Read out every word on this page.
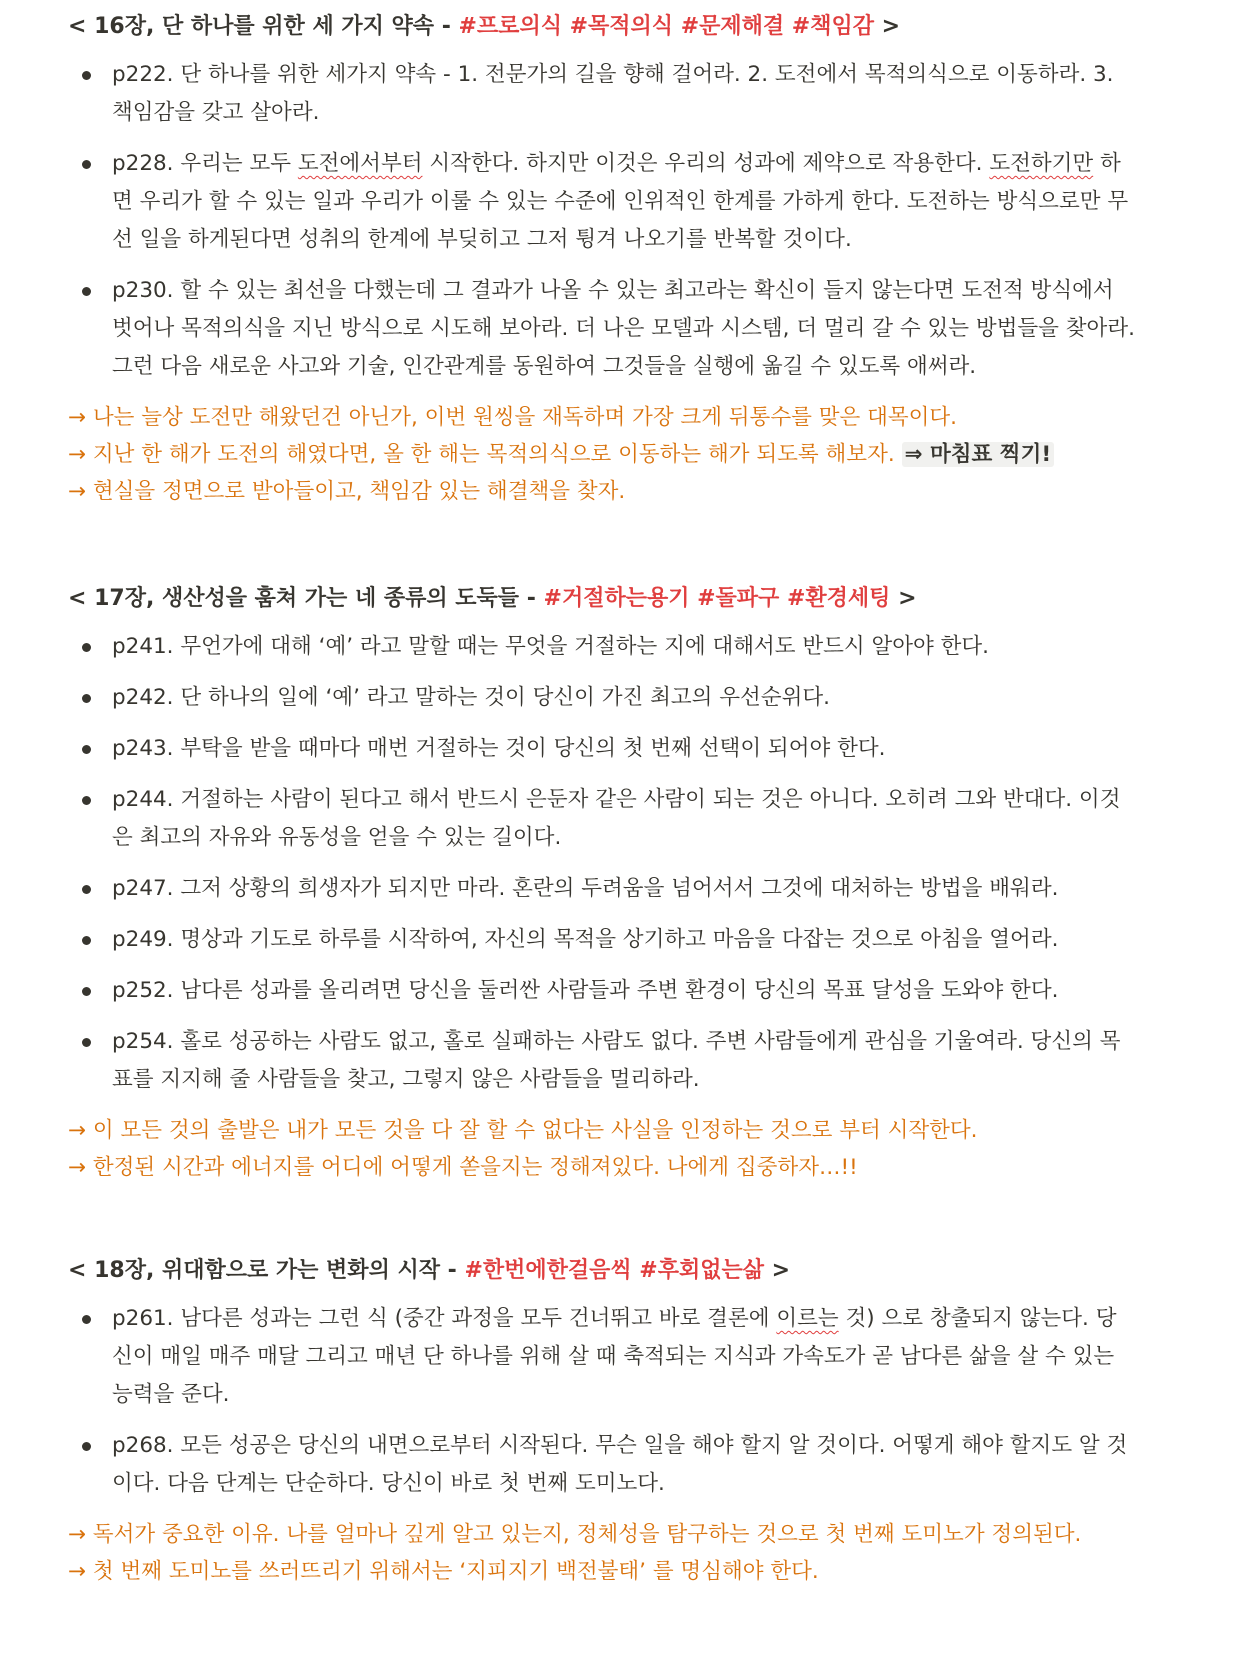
< 16장, 단 하나를 위한 세 가지 약속 - #프로의식 #목적의식 #문제해결 #책임감 >
p222. 단 하나를 위한 세가지 약속 - 1. 전문가의 길을 향해 걸어라. 2. 도전에서 목적의식으로 이동하라. 3.
책임감을 갖고 살아라.
p228. 우리는 모두 도전에서부터 시작한다. 하지만 이것은 우리의 성과에 제약으로 작용한다. 도전하기만 하
면 우리가 할 수 있는 일과 우리가 이룰 수 있는 수준에 인위적인 한계를 가하게 한다. 도전하는 방식으로만 무
선 일을 하게된다면 성취의 한계에 부딪히고 그저 튕겨 나오기를 반복할 것이다.
p230. 할 수 있는 최선을 다했는데 그 결과가 나올 수 있는 최고라는 확신이 들지 않는다면 도전적 방식에서
벗어나 목적의식을 지닌 방식으로 시도해 보아라. 더 나은 모델과 시스템, 더 멀리 갈 수 있는 방법들을 찾아라.
그런 다음 새로운 사고와 기술, 인간관계를 동원하여 그것들을 실행에 옮길 수 있도록 애써라.
→ 나는 늘상 도전만 해왔던건 아닌가, 이번 원씽을 재독하며 가장 크게 뒤통수를 맞은 대목이다.
→ 지난 한 해가 도전의 해였다면, 올 한 해는 목적의식으로 이동하는 해가 되도록 해보자. ⇒ 마침표 찍기!
→ 현실을 정면으로 받아들이고, 책임감 있는 해결책을 찾자.
< 17장, 생산성을 훔쳐 가는 네 종류의 도둑들 - #거절하는용기 #돌파구 #환경세팅 >
p241. 무언가에 대해 ‘예’ 라고 말할 때는 무엇을 거절하는 지에 대해서도 반드시 알아야 한다.
p242. 단 하나의 일에 ‘예’ 라고 말하는 것이 당신이 가진 최고의 우선순위다.
p243. 부탁을 받을 때마다 매번 거절하는 것이 당신의 첫 번째 선택이 되어야 한다.
p244. 거절하는 사람이 된다고 해서 반드시 은둔자 같은 사람이 되는 것은 아니다. 오히려 그와 반대다. 이것
은 최고의 자유와 유동성을 얻을 수 있는 길이다.
p247. 그저 상황의 희생자가 되지만 마라. 혼란의 두려움을 넘어서서 그것에 대처하는 방법을 배워라.
p249. 명상과 기도로 하루를 시작하여, 자신의 목적을 상기하고 마음을 다잡는 것으로 아침을 열어라.
p252. 남다른 성과를 올리려면 당신을 둘러싼 사람들과 주변 환경이 당신의 목표 달성을 도와야 한다.
p254. 홀로 성공하는 사람도 없고, 홀로 실패하는 사람도 없다. 주변 사람들에게 관심을 기울여라. 당신의 목
표를 지지해 줄 사람들을 찾고, 그렇지 않은 사람들을 멀리하라.
→ 이 모든 것의 출발은 내가 모든 것을 다 잘 할 수 없다는 사실을 인정하는 것으로 부터 시작한다.
→ 한정된 시간과 에너지를 어디에 어떻게 쏟을지는 정해져있다. 나에게 집중하자…!!
< 18장, 위대함으로 가는 변화의 시작 - #한번에한걸음씩 #후회없는삶 >
p261. 남다른 성과는 그런 식 (중간 과정을 모두 건너뛰고 바로 결론에 이르는 것) 으로 창출되지 않는다. 당
신이 매일 매주 매달 그리고 매년 단 하나를 위해 살 때 축적되는 지식과 가속도가 곧 남다른 삶을 살 수 있는
능력을 준다.
p268. 모든 성공은 당신의 내면으로부터 시작된다. 무슨 일을 해야 할지 알 것이다. 어떻게 해야 할지도 알 것
이다. 다음 단계는 단순하다. 당신이 바로 첫 번째 도미노다.
→ 독서가 중요한 이유. 나를 얼마나 깊게 알고 있는지, 정체성을 탐구하는 것으로 첫 번째 도미노가 정의된다.
→ 첫 번째 도미노를 쓰러뜨리기 위해서는 ‘지피지기 백전불태’ 를 명심해야 한다.
